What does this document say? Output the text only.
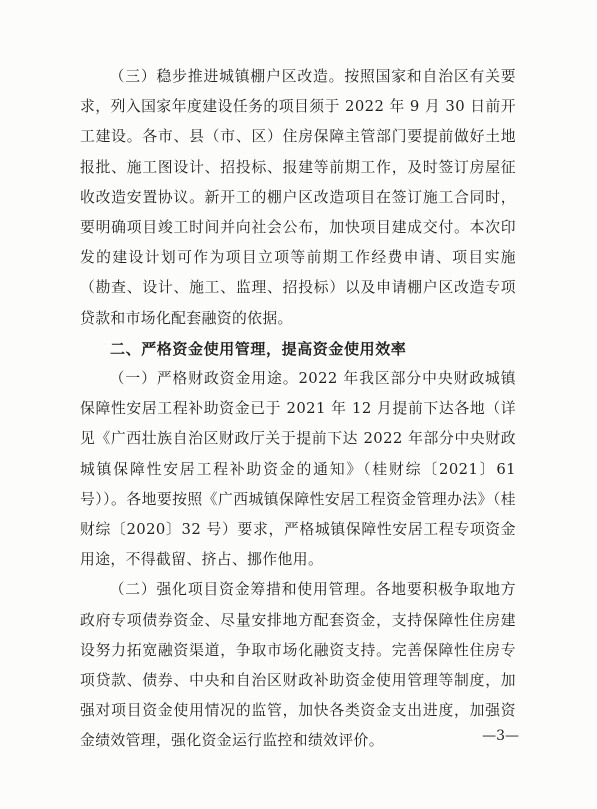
（三）稳步推进城镇棚户区改造。按照国家和自治区有关要求，列入国家年度建设任务的项目须于 2022 年 9 月 30 日前开工建设。各市、县（市、区）住房保障主管部门要提前做好土地报批、施工图设计、招投标、报建等前期工作，及时签订房屋征收改造安置协议。新开工的棚户区改造项目在签订施工合同时，要明确项目竣工时间并向社会公布，加快项目建成交付。本次印发的建设计划可作为项目立项等前期工作经费申请、项目实施（勘查、设计、施工、监理、招投标）以及申请棚户区改造专项贷款和市场化配套融资的依据。

二、严格资金使用管理，提高资金使用效率

（一）严格财政资金用途。2022 年我区部分中央财政城镇保障性安居工程补助资金已于 2021 年 12 月提前下达各地（详见《广西壮族自治区财政厅关于提前下达 2022 年部分中央财政城镇保障性安居工程补助资金的通知》（桂财综〔2021〕61 号））。各地要按照《广西城镇保障性安居工程资金管理办法》（桂财综〔2020〕32 号）要求，严格城镇保障性安居工程专项资金用途，不得截留、挤占、挪作他用。

（二）强化项目资金筹措和使用管理。各地要积极争取地方政府专项债券资金、尽量安排地方配套资金，支持保障性住房建设努力拓宽融资渠道，争取市场化融资支持。完善保障性住房专项贷款、债券、中央和自治区财政补助资金使用管理等制度，加强对项目资金使用情况的监管，加快各类资金支出进度，加强资金绩效管理，强化资金运行监控和绩效评价。	—3—
